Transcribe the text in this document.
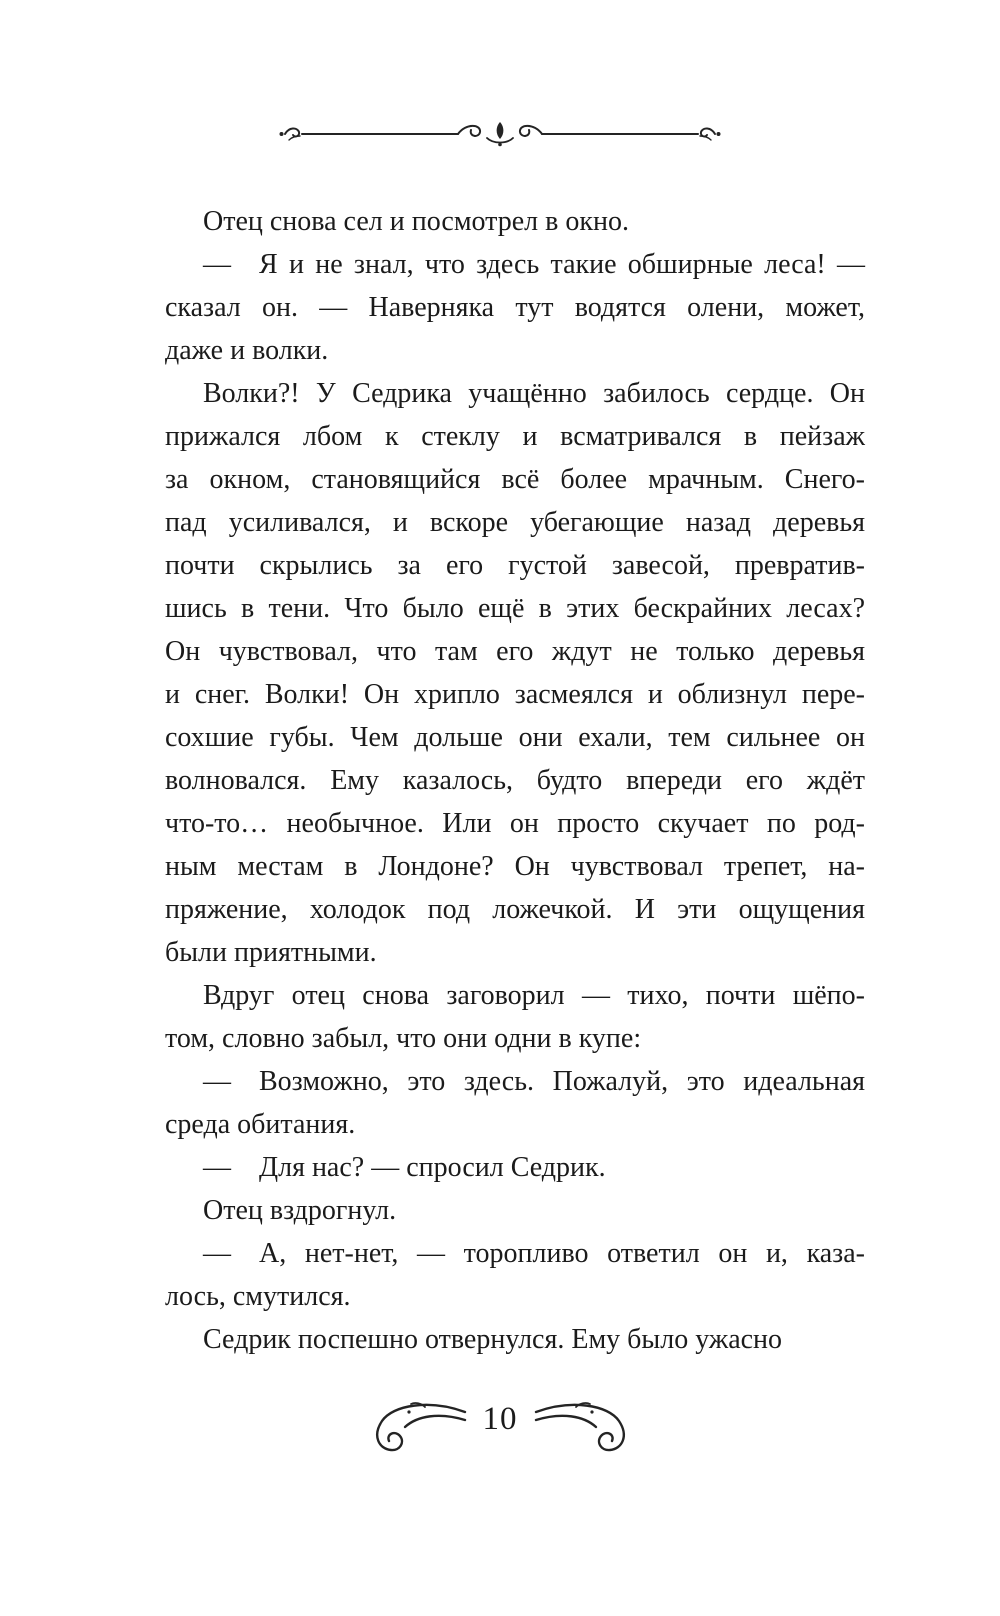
Отец снова сел и посмотрел в окно.

— Я и не знал, что здесь такие обширные леса! —
сказал он. — Наверняка тут водятся олени, может,
даже и волки.

Волки?! У Седрика учащённо забилось сердце. Он
прижался лбом к стеклу и всматривался в пейзаж
за окном, становящийся всё более мрачным. Снего-
пад усиливался, и вскоре убегающие назад деревья
почти скрылись за его густой завесой, превратив-
шись в тени. Что было ещё в этих бескрайних лесах?
Он чувствовал, что там его ждут не только деревья
и снег. Волки! Он хрипло засмеялся и облизнул пере-
сохшие губы. Чем дольше они ехали, тем сильнее он
волновался. Ему казалось, будто впереди его ждёт
что-то… необычное. Или он просто скучает по род-
ным местам в Лондоне? Он чувствовал трепет, на-
пряжение, холодок под ложечкой. И эти ощущения
были приятными.

Вдруг отец снова заговорил — тихо, почти шёпо-
том, словно забыл, что они одни в купе:

— Возможно, это здесь. Пожалуй, это идеальная
среда обитания.

— Для нас? — спросил Седрик.

Отец вздрогнул.

— А, нет-нет, — торопливо ответил он и, каза-
лось, смутился.

Седрик поспешно отвернулся. Ему было ужасно

10
